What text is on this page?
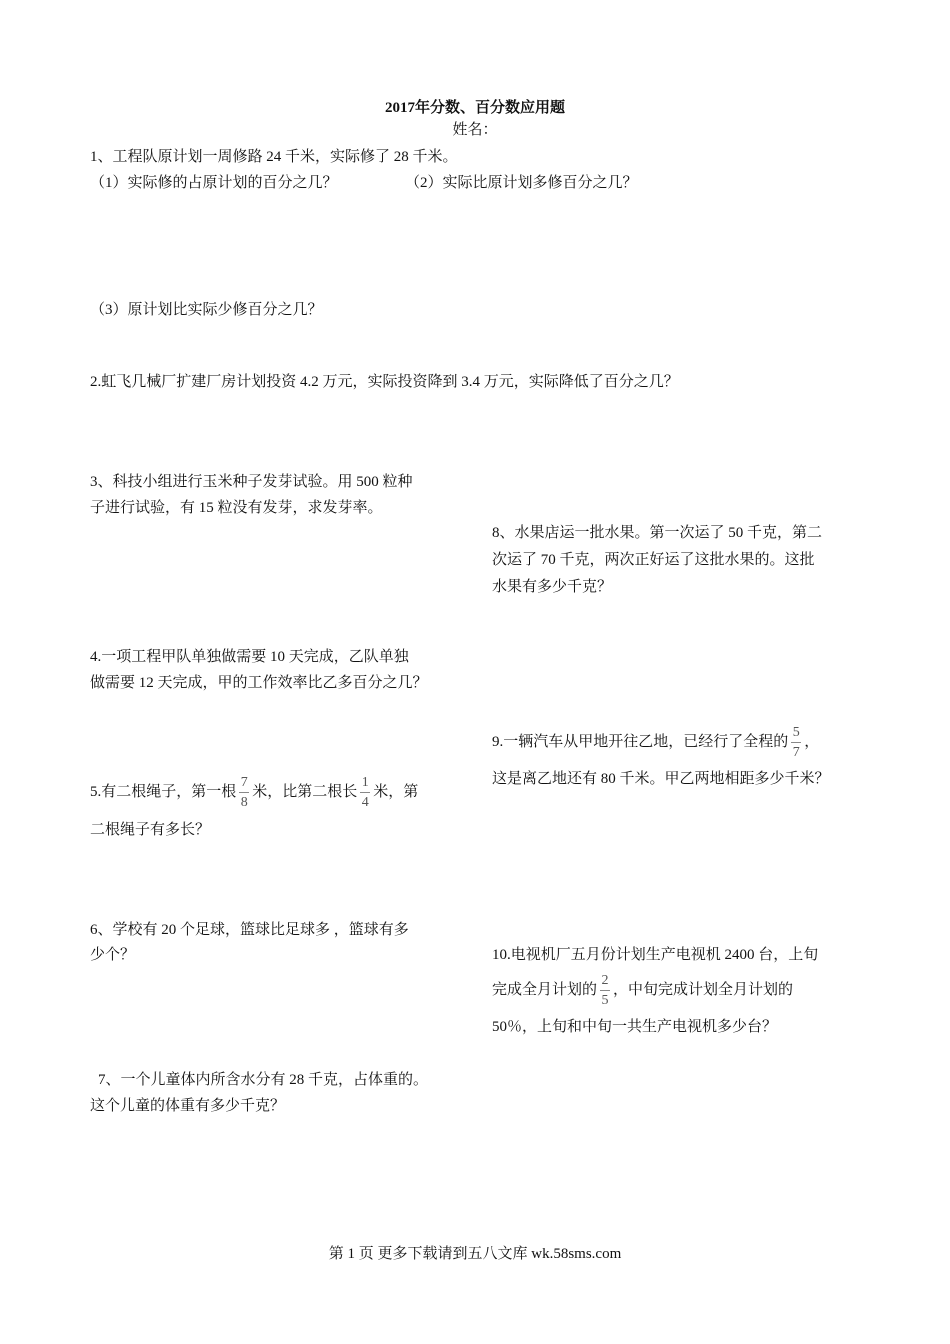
2017年分数、百分数应用题
姓名：
1、工程队原计划一周修路 24 千米，实际修了 28 千米。
（1）实际修的占原计划的百分之几？	（2）实际比原计划多修百分之几？
（3）原计划比实际少修百分之几？
2.虹飞几械厂扩建厂房计划投资 4.2 万元，实际投资降到 3.4 万元，实际降低了百分之几？
3、科技小组进行玉米种子发芽试验。用 500 粒种
子进行试验，有 15 粒没有发芽，求发芽率。
8、水果店运一批水果。第一次运了 50 千克，第二
次运了 70 千克，两次正好运了这批水果的。这批
水果有多少千克？
4.一项工程甲队单独做需要 10 天完成，乙队单独
做需要 12 天完成，甲的工作效率比乙多百分之几？
9.一辆汽车从甲地开往乙地，已经行了全程的 $\frac{5}{7}$ ，
这是离乙地还有 80 千米。甲乙两地相距多少千米？
5.有二根绳子，第一根 $\frac{7}{8}$ 米，比第二根长 $\frac{1}{4}$ 米，第
二根绳子有多长？
6、学校有 20 个足球，篮球比足球多 ，篮球有多
少个？	10.电视机厂五月份计划生产电视机 2400 台，上旬
完成全月计划的 $\frac{2}{5}$ ，中旬完成计划全月计划的
50％，上旬和中旬一共生产电视机多少台？
7、一个儿童体内所含水分有 28 千克，占体重的。
这个儿童的体重有多少千克？
第 1 页 更多下载请到五八文库 wk.58sms.com
